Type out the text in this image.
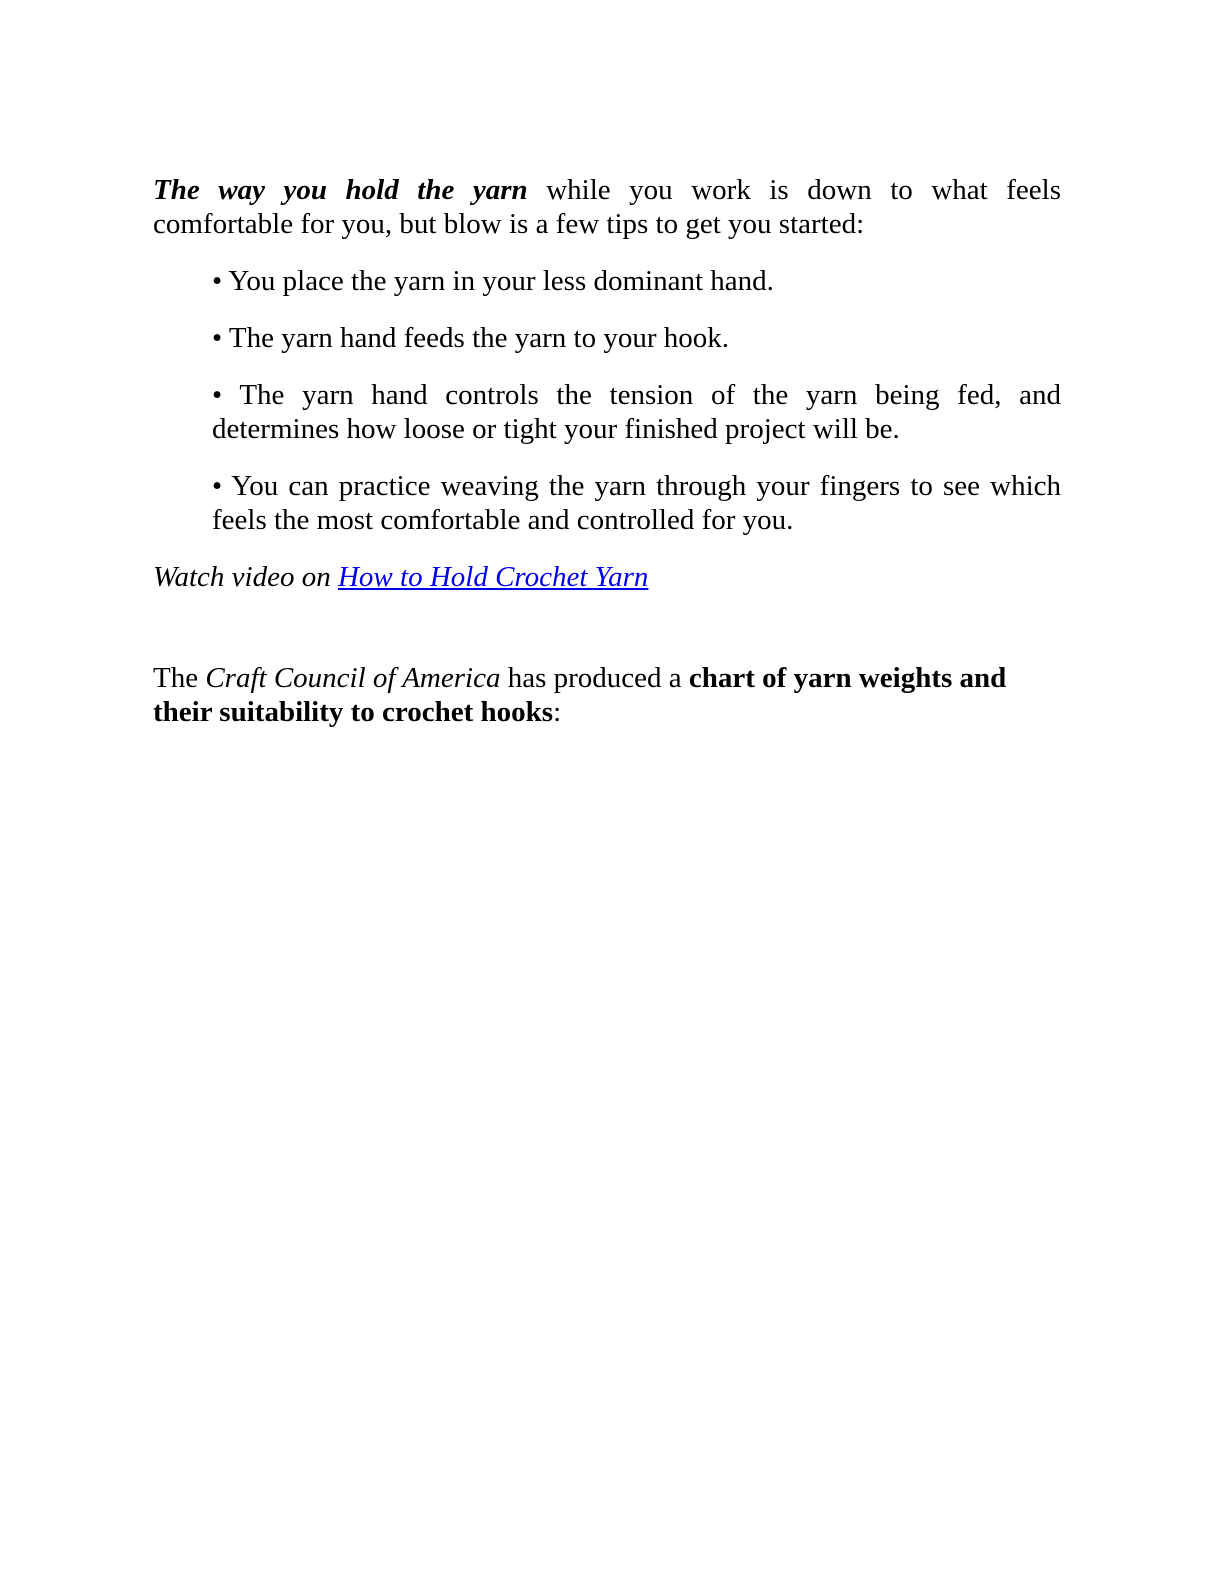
The way you hold the yarn while you work is down to what feels comfortable for you, but blow is a few tips to get you started:

• You place the yarn in your less dominant hand.
• The yarn hand feeds the yarn to your hook.
• The yarn hand controls the tension of the yarn being fed, and determines how loose or tight your finished project will be.
• You can practice weaving the yarn through your fingers to see which feels the most comfortable and controlled for you.

Watch video on How to Hold Crochet Yarn

The Craft Council of America has produced a chart of yarn weights and their suitability to crochet hooks:
